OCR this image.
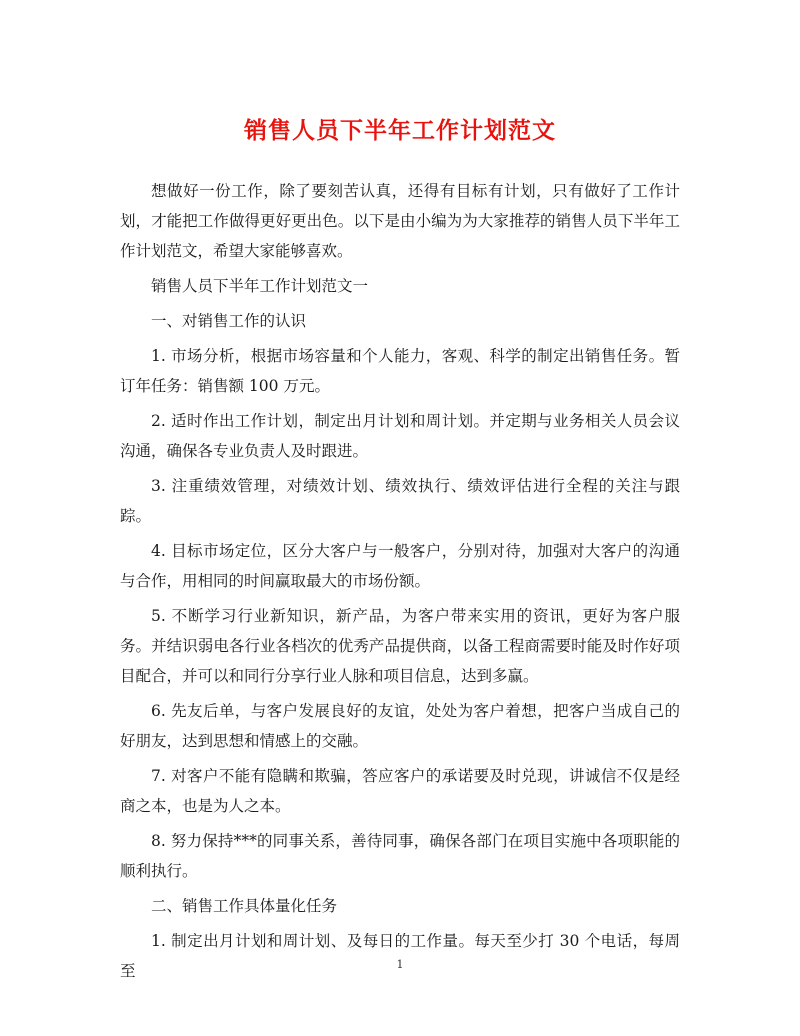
销售人员下半年工作计划范文

想做好一份工作，除了要刻苦认真，还得有目标有计划，只有做好了工作计划，才能把工作做得更好更出色。以下是由小编为为大家推荐的销售人员下半年工作计划范文，希望大家能够喜欢。

销售人员下半年工作计划范文一

一、对销售工作的认识

1. 市场分析，根据市场容量和个人能力，客观、科学的制定出销售任务。暂订年任务：销售额 100 万元。

2. 适时作出工作计划，制定出月计划和周计划。并定期与业务相关人员会议沟通，确保各专业负责人及时跟进。

3. 注重绩效管理，对绩效计划、绩效执行、绩效评估进行全程的关注与跟踪。

4. 目标市场定位，区分大客户与一般客户，分别对待，加强对大客户的沟通与合作，用相同的时间赢取最大的市场份额。

5. 不断学习行业新知识，新产品，为客户带来实用的资讯，更好为客户服务。并结识弱电各行业各档次的优秀产品提供商，以备工程商需要时能及时作好项目配合，并可以和同行分享行业人脉和项目信息，达到多赢。

6. 先友后单，与客户发展良好的友谊，处处为客户着想，把客户当成自己的好朋友，达到思想和情感上的交融。

7. 对客户不能有隐瞒和欺骗，答应客户的承诺要及时兑现，讲诚信不仅是经商之本，也是为人之本。

8. 努力保持***的同事关系，善待同事，确保各部门在项目实施中各项职能的顺利执行。

二、销售工作具体量化任务

1. 制定出月计划和周计划、及每日的工作量。每天至少打 30 个电话，每周至	1
